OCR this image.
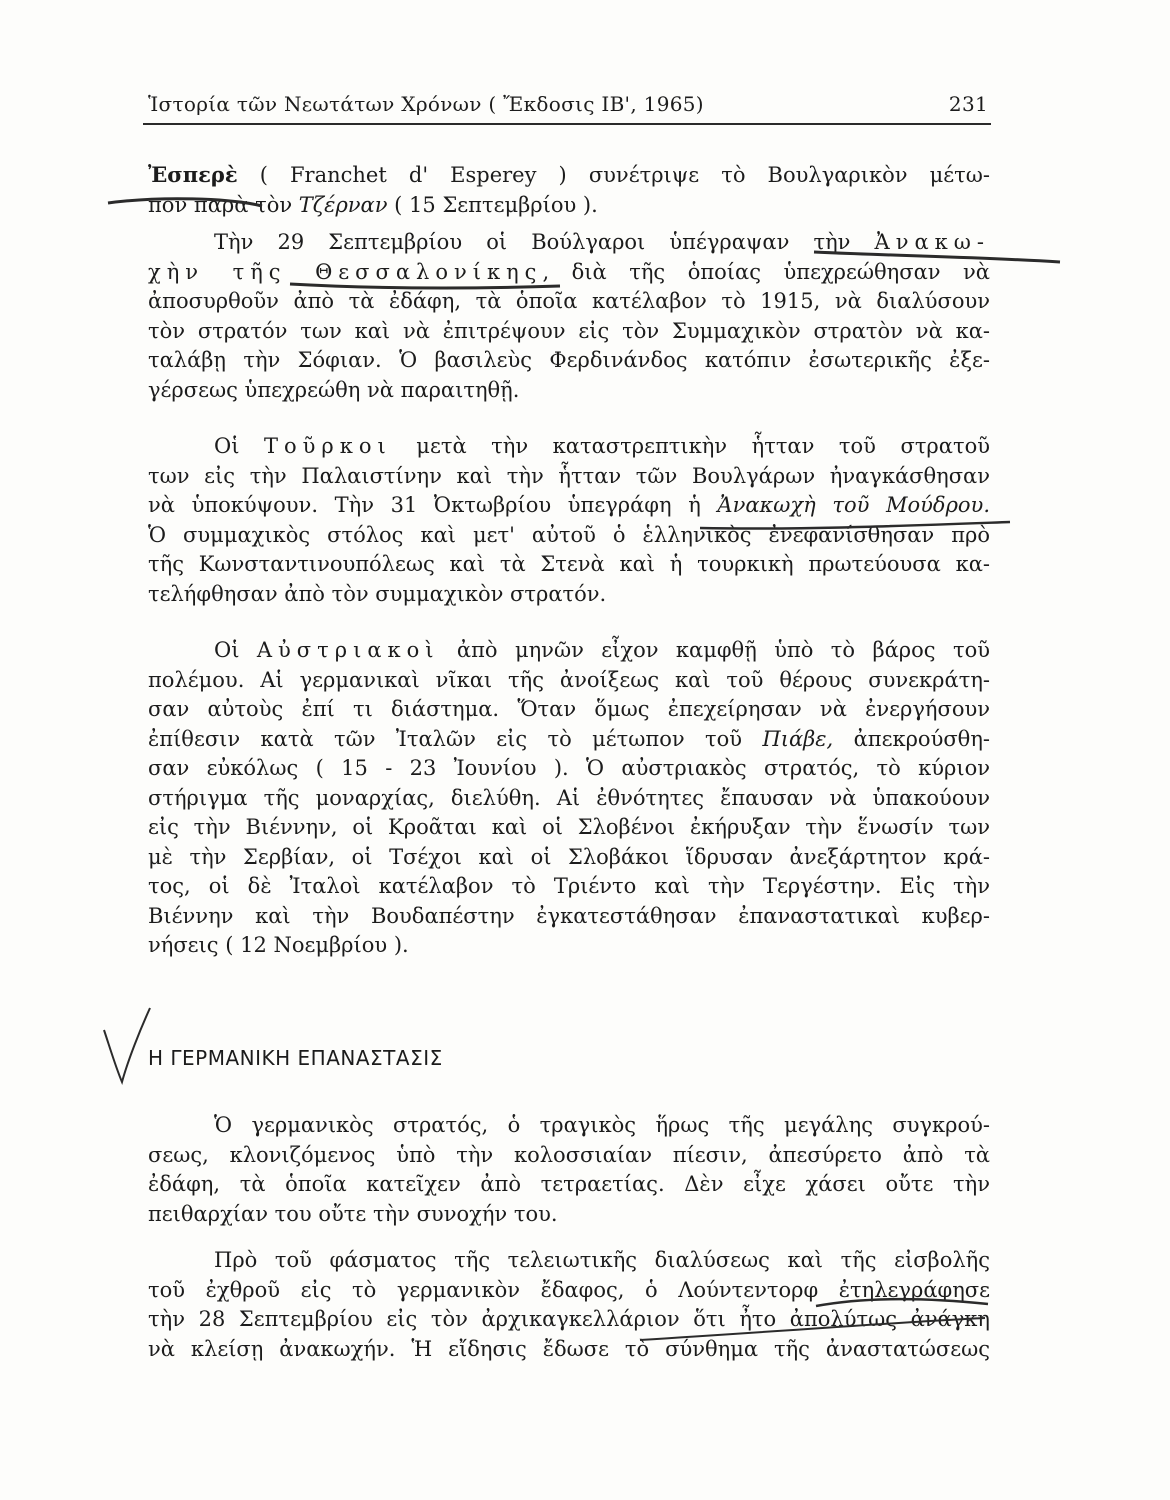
Ἱστορία τῶν Νεωτάτων Χρόνων ( Ἔκδοσις ΙΒ', 1965)	231
Ἐσπερὲ ( Franchet d' Esperey ) συνέτριψε τὸ Βουλγαρικὸν μέτω-
πον παρὰ τὸν Τζέρναν ( 15 Σεπτεμβρίου ).
Τὴν 29 Σεπτεμβρίου οἱ Βούλγαροι ὑπέγραψαν τὴν Ἀνακω-
χὴν τῆς Θεσσαλονίκης, διὰ τῆς ὁποίας ὑπεχρεώθησαν νὰ
ἀποσυρθοῦν ἀπὸ τὰ ἐδάφη, τὰ ὁποῖα κατέλαβον τὸ 1915, νὰ διαλύσουν
τὸν στρατόν των καὶ νὰ ἐπιτρέψουν εἰς τὸν Συμμαχικὸν στρατὸν νὰ κα-
ταλάβῃ τὴν Σόφιαν. Ὁ βασιλεὺς Φερδινάνδος κατόπιν ἐσωτερικῆς ἐξε-
γέρσεως ὑπεχρεώθη νὰ παραιτηθῇ.
Οἱ Τοῦρκοι μετὰ τὴν καταστρεπτικὴν ἧτταν τοῦ στρατοῦ
των εἰς τὴν Παλαιστίνην καὶ τὴν ἧτταν τῶν Βουλγάρων ἠναγκάσθησαν
νὰ ὑποκύψουν. Τὴν 31 Ὀκτωβρίου ὑπεγράφη ἡ Ἀνακωχὴ τοῦ Μούδρου.
Ὁ συμμαχικὸς στόλος καὶ μετ' αὐτοῦ ὁ ἑλληνικὸς ἐνεφανίσθησαν πρὸ
τῆς Κωνσταντινουπόλεως καὶ τὰ Στενὰ καὶ ἡ τουρκικὴ πρωτεύουσα κα-
τελήφθησαν ἀπὸ τὸν συμμαχικὸν στρατόν.
Οἱ Αὐστριακοὶ ἀπὸ μηνῶν εἶχον καμφθῇ ὑπὸ τὸ βάρος τοῦ
πολέμου. Αἱ γερμανικαὶ νῖκαι τῆς ἀνοίξεως καὶ τοῦ θέρους συνεκράτη-
σαν αὐτοὺς ἐπί τι διάστημα. Ὅταν ὅμως ἐπεχείρησαν νὰ ἐνεργήσουν
ἐπίθεσιν κατὰ τῶν Ἰταλῶν εἰς τὸ μέτωπον τοῦ Πιάβε, ἀπεκρούσθη-
σαν εὐκόλως ( 15 - 23 Ἰουνίου ). Ὁ αὐστριακὸς στρατός, τὸ κύριον
στήριγμα τῆς μοναρχίας, διελύθη. Αἱ ἐθνότητες ἔπαυσαν νὰ ὑπακούουν
εἰς τὴν Βιέννην, οἱ Κροᾶται καὶ οἱ Σλοβένοι ἐκήρυξαν τὴν ἕνωσίν των
μὲ τὴν Σερβίαν, οἱ Τσέχοι καὶ οἱ Σλοβάκοι ἵδρυσαν ἀνεξάρτητον κρά-
τος, οἱ δὲ Ἰταλοὶ κατέλαβον τὸ Τριέντο καὶ τὴν Τεργέστην. Εἰς τὴν
Βιέννην καὶ τὴν Βουδαπέστην ἐγκατεστάθησαν ἐπαναστατικαὶ κυβερ-
νήσεις ( 12 Νοεμβρίου ).
Η ΓΕΡΜΑΝΙΚΗ ΕΠΑΝΑΣΤΑΣΙΣ
Ὁ γερμανικὸς στρατός, ὁ τραγικὸς ἥρως τῆς μεγάλης συγκρού-
σεως, κλονιζόμενος ὑπὸ τὴν κολοσσιαίαν πίεσιν, ἀπεσύρετο ἀπὸ τὰ
ἐδάφη, τὰ ὁποῖα κατεῖχεν ἀπὸ τετραετίας. Δὲν εἶχε χάσει οὔτε τὴν
πειθαρχίαν του οὔτε τὴν συνοχήν του.
Πρὸ τοῦ φάσματος τῆς τελειωτικῆς διαλύσεως καὶ τῆς εἰσβολῆς
τοῦ ἐχθροῦ εἰς τὸ γερμανικὸν ἔδαφος, ὁ Λούντεντορφ ἐτηλεγράφησε
τὴν 28 Σεπτεμβρίου εἰς τὸν ἀρχικαγκελλάριον ὅτι ἦτο ἀπολύτως ἀνάγκη
νὰ κλείσῃ ἀνακωχήν. Ἡ εἴδησις ἔδωσε τὸ σύνθημα τῆς ἀναστατώσεως
